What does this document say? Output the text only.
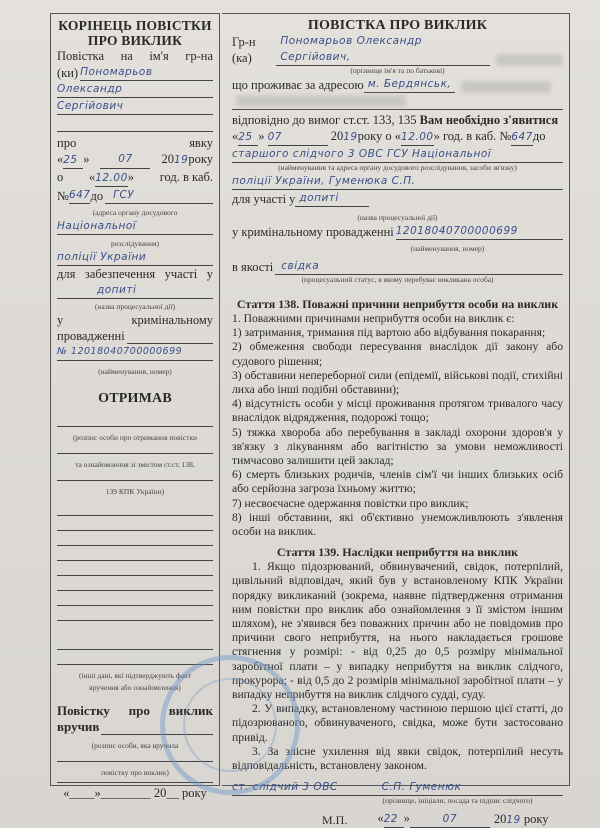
КОРІНЕЦЬ ПОВІСТКИ
ПРО ВИКЛИК
Повістка на ім'я гр-на
(ки) Пономарьов
Олександр
Сергійович
про	явку
«25 »	07	2019року
о «12.00» год. в каб.
№ 647 до ГСУ
(адреса органу досудового
Національної
розслідування)
поліції України
для забезпечення участі у
допиті
(назва процесуальної дії)
у	кримінальному
провадженні
№ 12018040700000699
(найменування, номер)
ОТРИМАВ
(розпис особи про отримання повістки
та ознайомлення зі змістом ст.ст. 138,
139 КПК України)
(інші дані, які підтверджують факт
вручення або ознайомлення)
Повістку про виклик
вручив
(розпис особи, яка вручила
повістку про виклик)
«____»________ 20__ року
ПОВІСТКА ПРО ВИКЛИК
Гр-н (ка)
Пономарьов Олександр Сергійович,
(прізвище ім'я та по батькові)
що проживає за адресою м. Бердянськ,
відповідно до вимог ст.ст. 133, 135 Вам необхідно з'явитися
«25 » 07	2019року о «12.00» год. в каб. №647до
старшого слідчого 3 ОВС ГСУ Національної
(найменування та адреса органу досудового розслідування, засоби зв'язку)
поліції України, Гуменюка С.П.
для участі у допиті
(назва процесуальної дії)
у кримінальному провадженні 12018040700000699
(найменування, номер)
в якості свідка
(процесуальний статус, в якому перебуває викликана особа)
Стаття 138. Поважні причини неприбуття особи на виклик
1. Поважними причинами неприбуття особи на виклик є:
1) затримання, тримання під вартою або відбування покарання;
2) обмеження свободи пересування внаслідок дії закону або судового рішення;
3) обставини непереборної сили (епідемії, військові події, стихійні лиха або інші подібні обставини);
4) відсутність особи у місці проживання протягом тривалого часу внаслідок відрядження, подорожі тощо;
5) тяжка хвороба або перебування в закладі охорони здоров'я у зв'язку з лікуванням або вагітністю за умови неможливості тимчасово залишити цей заклад;
6) смерть близьких родичів, членів сім'ї чи інших близьких осіб або серйозна загроза їхньому життю;
7) несвоєчасне одержання повістки про виклик;
8) інші обставини, які об'єктивно унеможливлюють з'явлення особи на виклик.
Стаття 139. Наслідки неприбуття на виклик
1. Якщо підозрюваний, обвинувачений, свідок, потерпілий, цивільний відповідач, який був у встановленому КПК України порядку викликаний (зокрема, наявне підтвердження отримання ним повістки про виклик або ознайомлення з її змістом іншим шляхом), не з'явився без поважних причин або не повідомив про причини свого неприбуття, на нього накладається грошове стягнення у розмірі: - від 0,25 до 0,5 розміру мінімальної заробітної плати – у випадку неприбуття на виклик слідчого, прокурора; - від 0,5 до 2 розмірів мінімальної заробітної плати – у випадку неприбуття на виклик слідчого судді, суду.
2. У випадку, встановленому частиною першою цієї статті, до підозрюваного, обвинуваченого, свідка, може бути застосовано привід.
3. За злісне ухилення від явки свідок, потерпілий несуть відповідальність, встановлену законом.
ст. слідчий 3 ОВС	С.П. Гуменюк
(прізвище, ініціали, посада та підпис слідчого)
М.П. «22 »	07	2019 року
